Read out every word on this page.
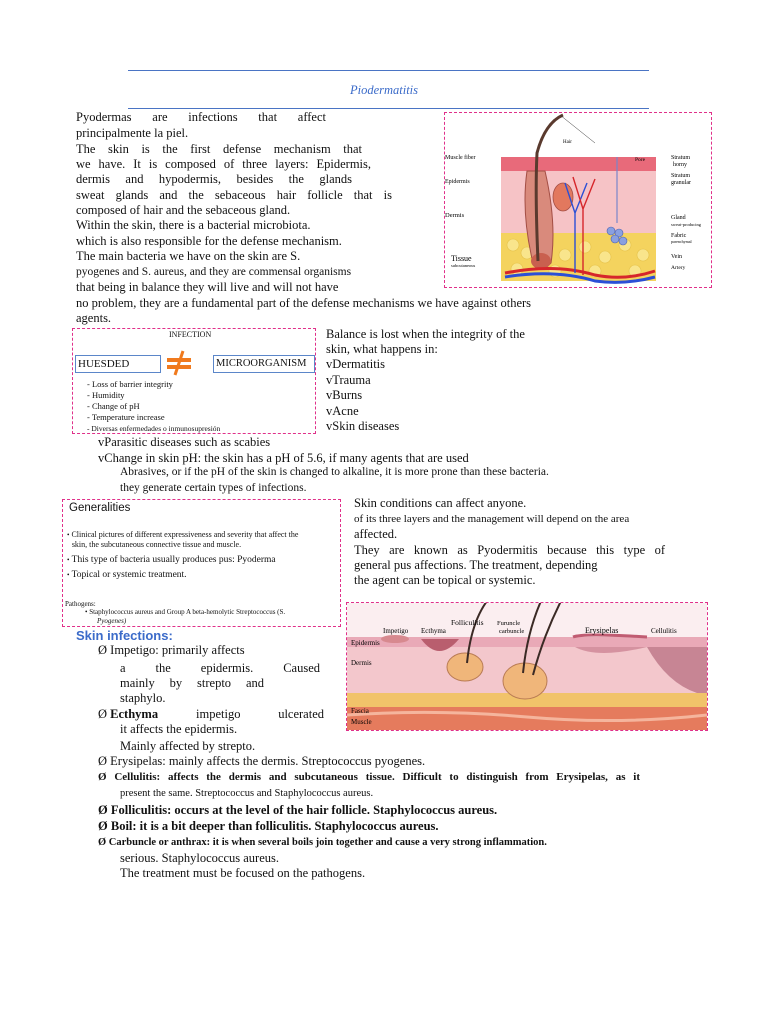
Piodermatitis
Pyodermas are infections that affect
principalmente la piel.
The skin is the first defense mechanism that
we have. It is composed of three layers: Epidermis,
dermis and hypodermis, besides the glands
sweat glands and the sebaceous hair follicle that is
composed of hair and the sebaceous gland.
Within the skin, there is a bacterial microbiota.
which is also responsible for the defense mechanism.
The main bacteria we have on the skin are S.
pyogenes and S. aureus, and they are commensal organisms
that being in balance they will live and will not have
no problem, they are a fundamental part of the defense mechanisms we have against others
agents.
Hair
Muscle fiber
Epidermis
Dermis
Tissue
subcutaneous
Pore	Stratum
horny
Stratum
granular
Gland
sweat-producing
Fabric
parenchymal
Vein
Artery
INFECTION
HUESDED	MICROORGANISM
- Loss of barrier integrity
- Humidity
- Change of pH
- Temperature increase
- Diversas enfermedades o inmunosupresión
Balance is lost when the integrity of the
skin, what happens in:
vDermatitis
vTrauma
vBurns
vAcne
vSkin diseases
vParasitic diseases such as scabies
vChange in skin pH: the skin has a pH of 5.6, if many agents that are used
Abrasives, or if the pH of the skin is changed to alkaline, it is more prone than these bacteria.
they generate certain types of infections.
Generalities
• Clinical pictures of different expressiveness and severity that affect the
skin, the subcutaneous connective tissue and muscle.
• This type of bacteria usually produces pus: Pyoderma
• Topical or systemic treatment.
Pathogens:
• Staphylococcus aureus and Group A beta-hemolytic Streptococcus (S.
Pyogenes)
Skin conditions can affect anyone.
of its three layers and the management will depend on the area
affected.
They are known as Pyodermitis because this type of
general pus affections. The treatment, depending
the agent can be topical or systemic.
Impetigo Ecthyma
Folliculitis Furuncle
carbuncle	Erysipelas	Cellulitis
Epidermis
Dermis
Fascia
Muscle
Skin infections:
Ø Impetigo: primarily affects
a the epidermis. Caused
mainly by strepto and
staphylo.
Ø Ecthyma	impetigo ulcerated
it affects the epidermis.
Mainly affected by strepto.
Ø Erysipelas: mainly affects the dermis. Streptococcus pyogenes.
Ø Cellulitis: affects the dermis and subcutaneous tissue. Difficult to distinguish from Erysipelas, as it
present the same. Streptococcus and Staphylococcus aureus.
Ø Folliculitis: occurs at the level of the hair follicle. Staphylococcus aureus.
Ø Boil: it is a bit deeper than folliculitis. Staphylococcus aureus.
Ø Carbuncle or anthrax: it is when several boils join together and cause a very strong inflammation.
serious. Staphylococcus aureus.
The treatment must be focused on the pathogens.
